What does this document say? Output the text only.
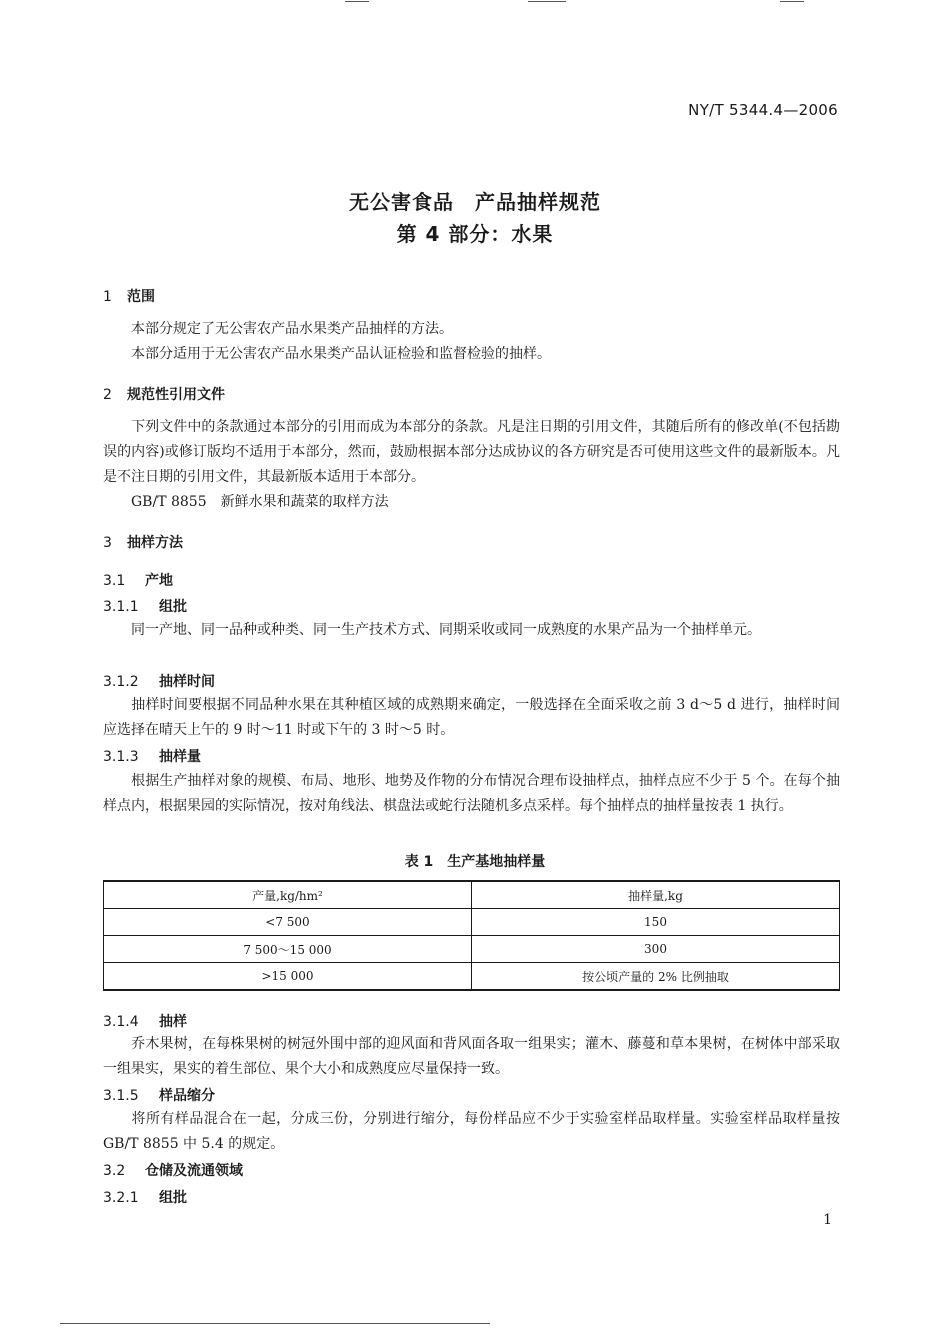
NY/T 5344.4—2006
无公害食品　产品抽样规范
第 4 部分：水果
1 范围
本部分规定了无公害农产品水果类产品抽样的方法。
本部分适用于无公害农产品水果类产品认证检验和监督检验的抽样。
2 规范性引用文件
下列文件中的条款通过本部分的引用而成为本部分的条款。凡是注日期的引用文件，其随后所有的修改单(不包括勘误的内容)或修订版均不适用于本部分，然而，鼓励根据本部分达成协议的各方研究是否可使用这些文件的最新版本。凡是不注日期的引用文件，其最新版本适用于本部分。
GB/T 8855　新鲜水果和蔬菜的取样方法
3 抽样方法
3.1 产地
3.1.1 组批
同一产地、同一品种或种类、同一生产技术方式、同期采收或同一成熟度的水果产品为一个抽样单元。
3.1.2 抽样时间
抽样时间要根据不同品种水果在其种植区域的成熟期来确定，一般选择在全面采收之前 3 d～5 d 进行，抽样时间应选择在晴天上午的 9 时～11 时或下午的 3 时～5 时。
3.1.3 抽样量
根据生产抽样对象的规模、布局、地形、地势及作物的分布情况合理布设抽样点，抽样点应不少于 5 个。在每个抽样点内，根据果园的实际情况，按对角线法、棋盘法或蛇行法随机多点采样。每个抽样点的抽样量按表 1 执行。
表 1　生产基地抽样量
产量,kg/hm²	抽样量,kg
<7 500	150
7 500～15 000	300
>15 000	按公顷产量的 2% 比例抽取
3.1.4 抽样
乔木果树，在每株果树的树冠外围中部的迎风面和背风面各取一组果实；灌木、藤蔓和草本果树，在树体中部采取一组果实，果实的着生部位、果个大小和成熟度应尽量保持一致。
3.1.5 样品缩分
将所有样品混合在一起，分成三份，分别进行缩分，每份样品应不少于实验室样品取样量。实验室样品取样量按 GB/T 8855 中 5.4 的规定。
3.2 仓储及流通领域
3.2.1 组批
1
